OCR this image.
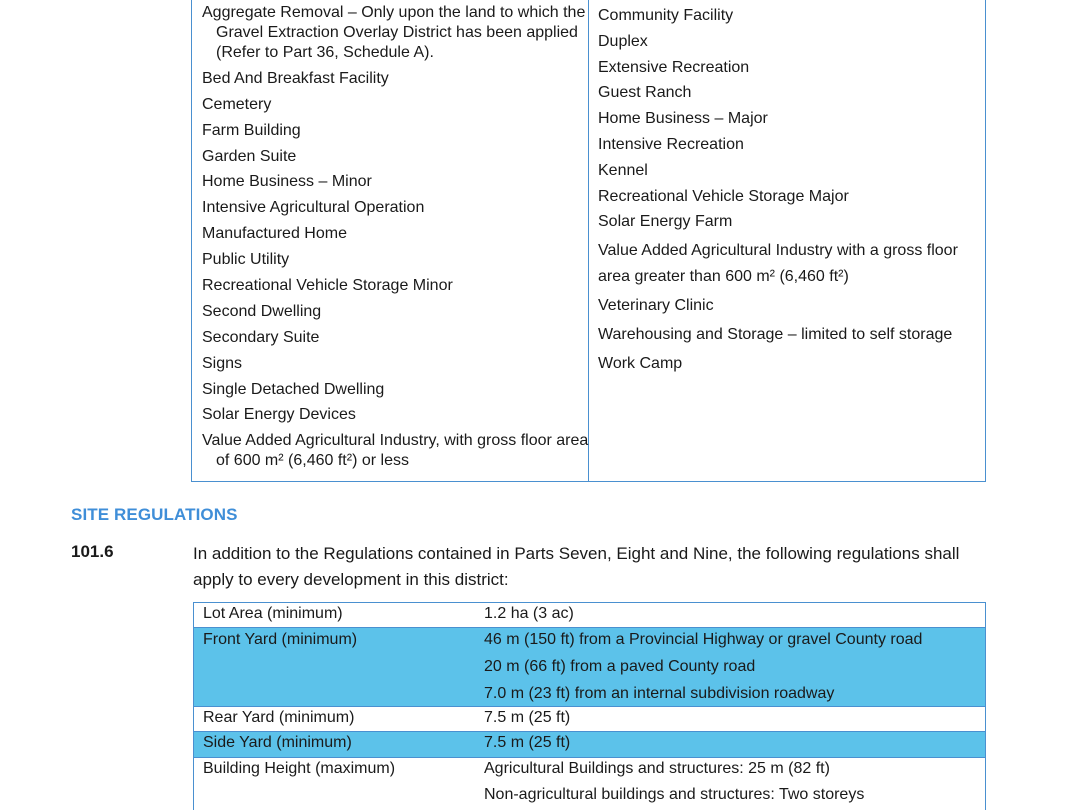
Aggregate Removal – Only upon the land to which the Gravel Extraction Overlay District has been applied (Refer to Part 36, Schedule A).
Bed And Breakfast Facility
Cemetery
Farm Building
Garden Suite
Home Business – Minor
Intensive Agricultural Operation
Manufactured Home
Public Utility
Recreational Vehicle Storage Minor
Second Dwelling
Secondary Suite
Signs
Single Detached Dwelling
Solar Energy Devices
Value Added Agricultural Industry, with gross floor area of 600 m² (6,460 ft²) or less
Community Facility
Duplex
Extensive Recreation
Guest Ranch
Home Business – Major
Intensive Recreation
Kennel
Recreational Vehicle Storage Major
Solar Energy Farm
Value Added Agricultural Industry with a gross floor area greater than 600 m² (6,460 ft²)
Veterinary Clinic
Warehousing and Storage – limited to self storage
Work Camp
SITE REGULATIONS
101.6	In addition to the Regulations contained in Parts Seven, Eight and Nine, the following regulations shall apply to every development in this district:
Lot Area (minimum)	1.2 ha (3 ac)
Front Yard (minimum)	46 m (150 ft) from a Provincial Highway or gravel County road
20 m (66 ft) from a paved County road
7.0 m (23 ft) from an internal subdivision roadway
Rear Yard (minimum)	7.5 m (25 ft)
Side Yard (minimum)	7.5 m (25 ft)
Building Height (maximum)	Agricultural Buildings and structures: 25 m (82 ft)
Non-agricultural buildings and structures: Two storeys
